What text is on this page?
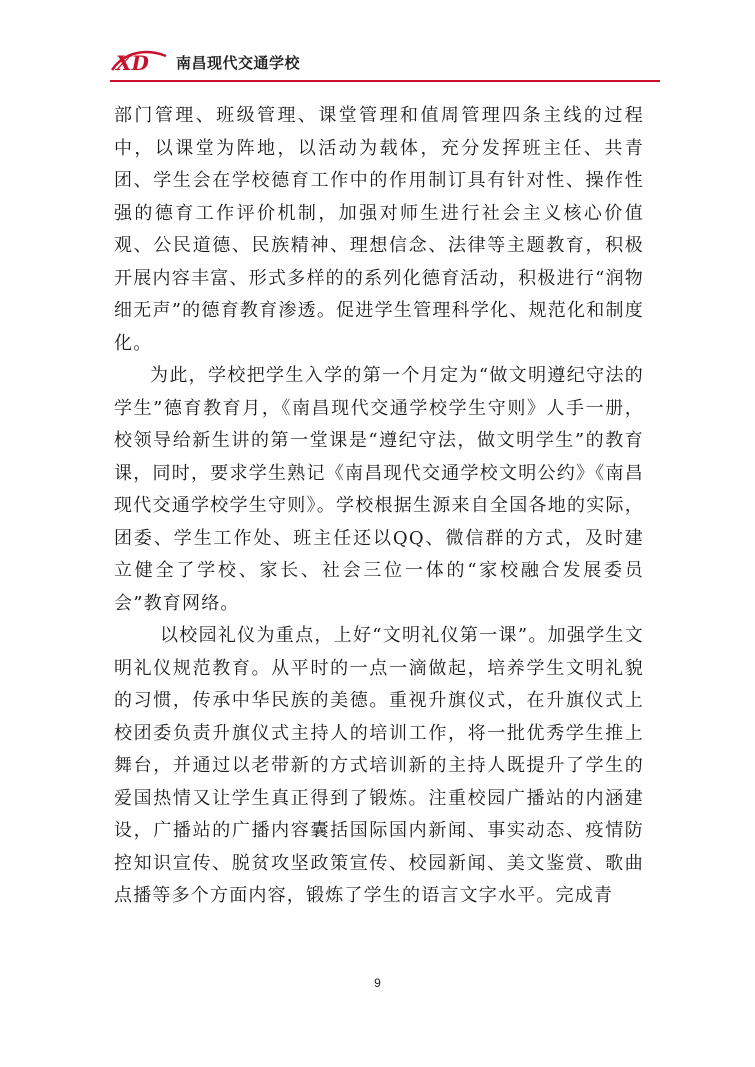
XD 南昌现代交通学校

部门管理、班级管理、课堂管理和值周管理四条主线的过程中，以课堂为阵地，以活动为载体，充分发挥班主任、共青团、学生会在学校德育工作中的作用制订具有针对性、操作性强的德育工作评价机制，加强对师生进行社会主义核心价值观、公民道德、民族精神、理想信念、法律等主题教育，积极开展内容丰富、形式多样的的系列化德育活动，积极进行“润物细无声”的德育教育渗透。促进学生管理科学化、规范化和制度化。

为此，学校把学生入学的第一个月定为“做文明遵纪守法的学生”德育教育月，《南昌现代交通学校学生守则》人手一册，校领导给新生讲的第一堂课是“遵纪守法，做文明学生”的教育课，同时，要求学生熟记《南昌现代交通学校文明公约》《南昌现代交通学校学生守则》。学校根据生源来自全国各地的实际，团委、学生工作处、班主任还以QQ、微信群的方式，及时建立健全了学校、家长、社会三位一体的“家校融合发展委员会”教育网络。

以校园礼仪为重点，上好“文明礼仪第一课”。加强学生文明礼仪规范教育。从平时的一点一滴做起，培养学生文明礼貌的习惯，传承中华民族的美德。重视升旗仪式，在升旗仪式上校团委负责升旗仪式主持人的培训工作，将一批优秀学生推上舞台，并通过以老带新的方式培训新的主持人既提升了学生的爱国热情又让学生真正得到了锻炼。注重校园广播站的内涵建设，广播站的广播内容囊括国际国内新闻、事实动态、疫情防控知识宣传、脱贫攻坚政策宣传、校园新闻、美文鉴赏、歌曲点播等多个方面内容，锻炼了学生的语言文字水平。完成青

9
